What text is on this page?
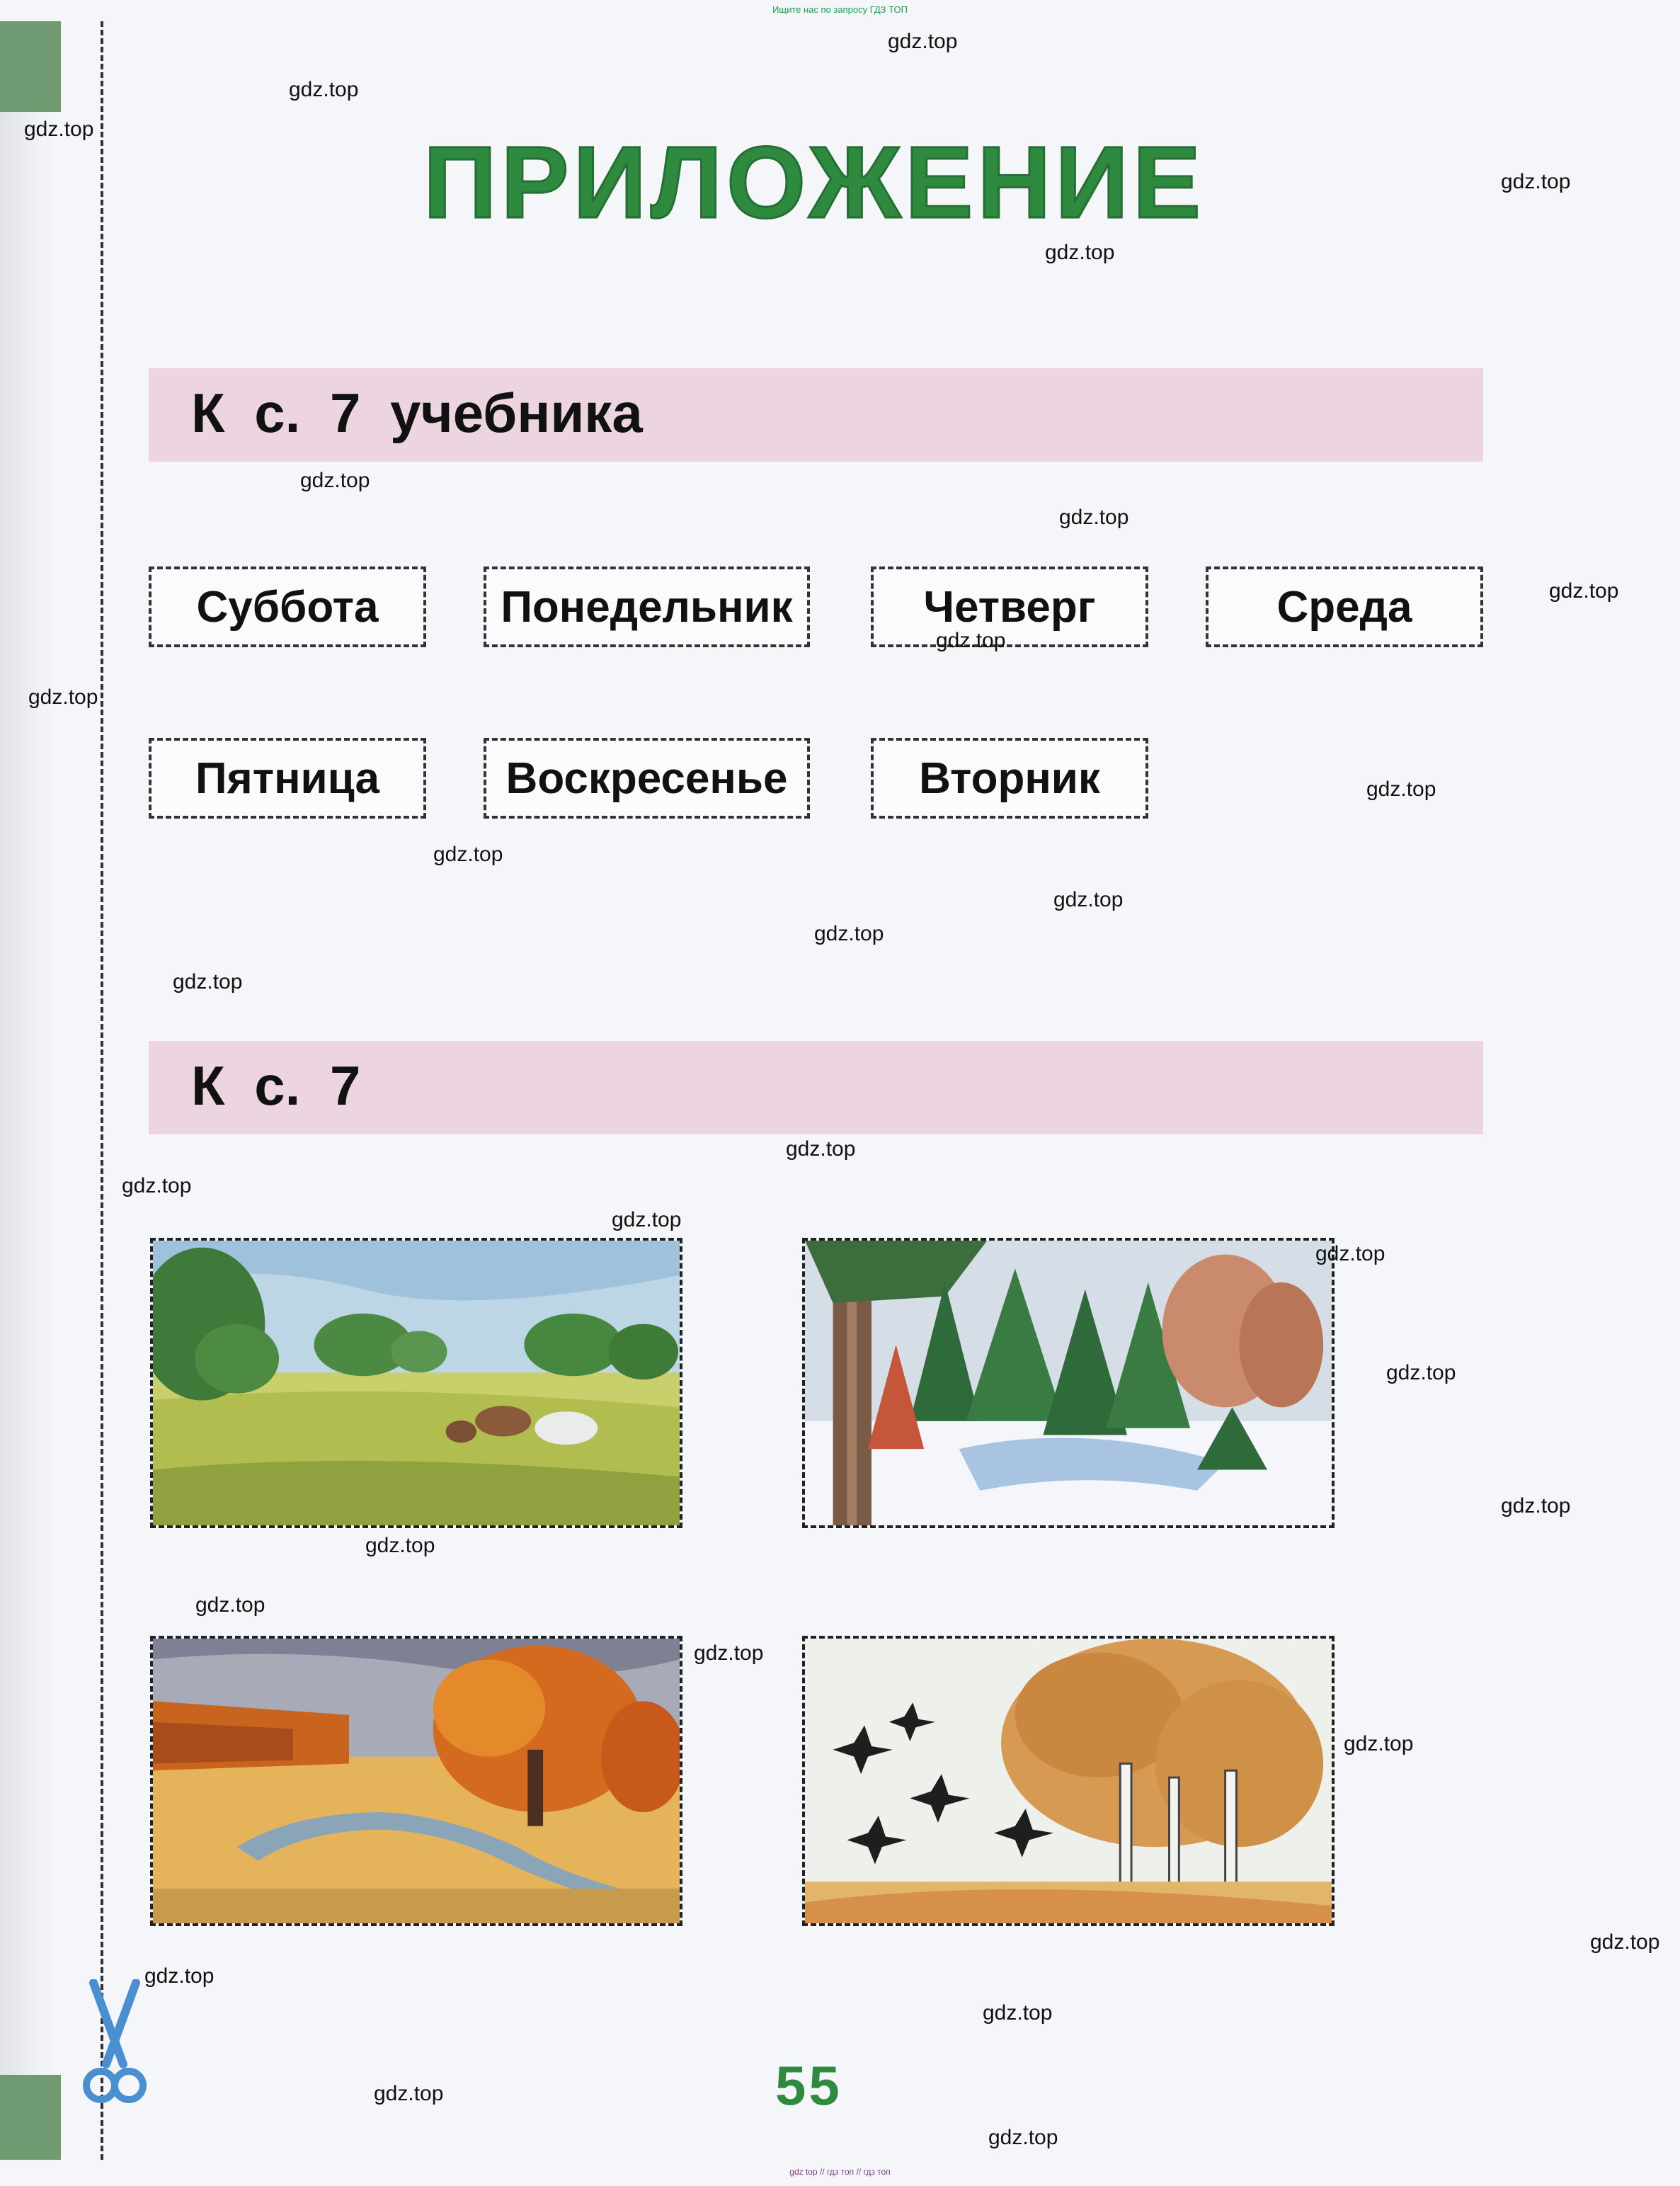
Ищите нас по запросу ГДЗ ТОП
ПРИЛОЖЕНИЕ
К с. 7 учебника
Суббота	Понедельник	Четверг	Среда
Пятница	Воскресенье	Вторник
К с. 7
55
gdz top // гдз топ // гдз топ
gdz.top
gdz.top
gdz.top
gdz.top
gdz.top
gdz.top
gdz.top
gdz.top
gdz.top
gdz.top
gdz.top
gdz.top
gdz.top
gdz.top
gdz.top
gdz.top
gdz.top
gdz.top
gdz.top
gdz.top
gdz.top
gdz.top
gdz.top
gdz.top
gdz.top
gdz.top
gdz.top
gdz.top
gdz.top
gdz.top
